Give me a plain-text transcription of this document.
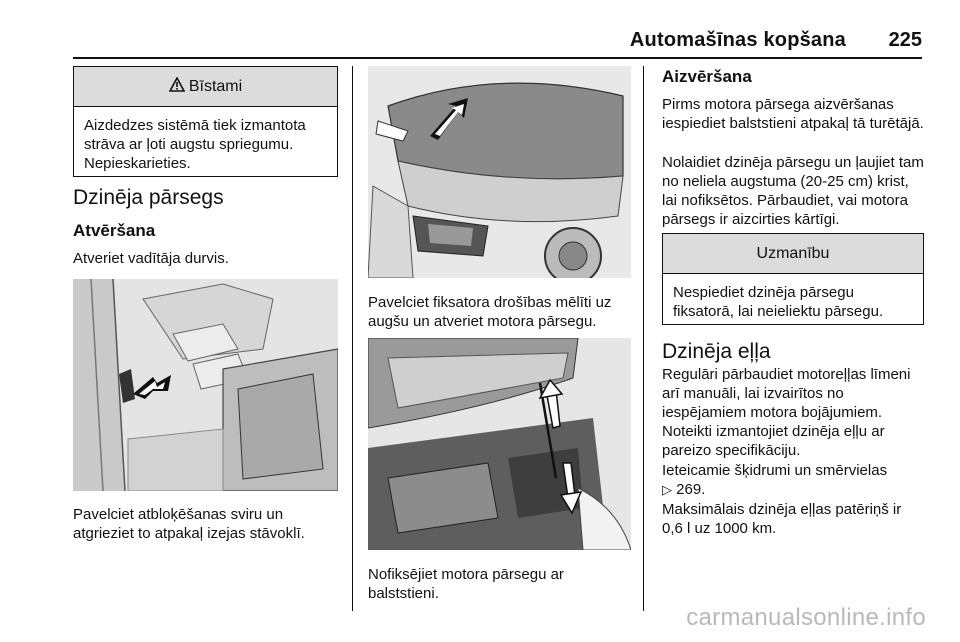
Automašīnas kopšana 225
Bīstami
Aizdedzes sistēmā tiek izmantota strāva ar ļoti augstu spriegumu. Nepieskarieties.
Dzinēja pārsegs
Atvēršana
Atveriet vadītāja durvis.
Pavelciet atbloķēšanas sviru un atgrieziet to atpakaļ izejas stāvoklī.
Pavelciet fiksatora drošības mēlīti uz augšu un atveriet motora pārsegu.
Nofiksējiet motora pārsegu ar balststieni.
Aizvēršana
Pirms motora pārsega aizvēršanas iespiediet balststieni atpakaļ tā turētājā.
Nolaidiet dzinēja pārsegu un ļaujiet tam no neliela augstuma (20-25 cm) krist, lai nofiksētos. Pārbaudiet, vai motora pārsegs ir aizcirties kārtīgi.
Uzmanību
Nespiediet dzinēja pārsegu fiksatorā, lai neieliektu pārsegu.
Dzinēja eļļa
Regulāri pārbaudiet motoreļļas līmeni arī manuāli, lai izvairītos no iespējamiem motora bojājumiem.
Noteikti izmantojiet dzinēja eļļu ar pareizo specifikāciju.
Ieteicamie šķidrumi un smērvielas
▷ 269.
Maksimālais dzinēja eļļas patēriņš ir 0,6 l uz 1000 km.
carmanualsonline.info
